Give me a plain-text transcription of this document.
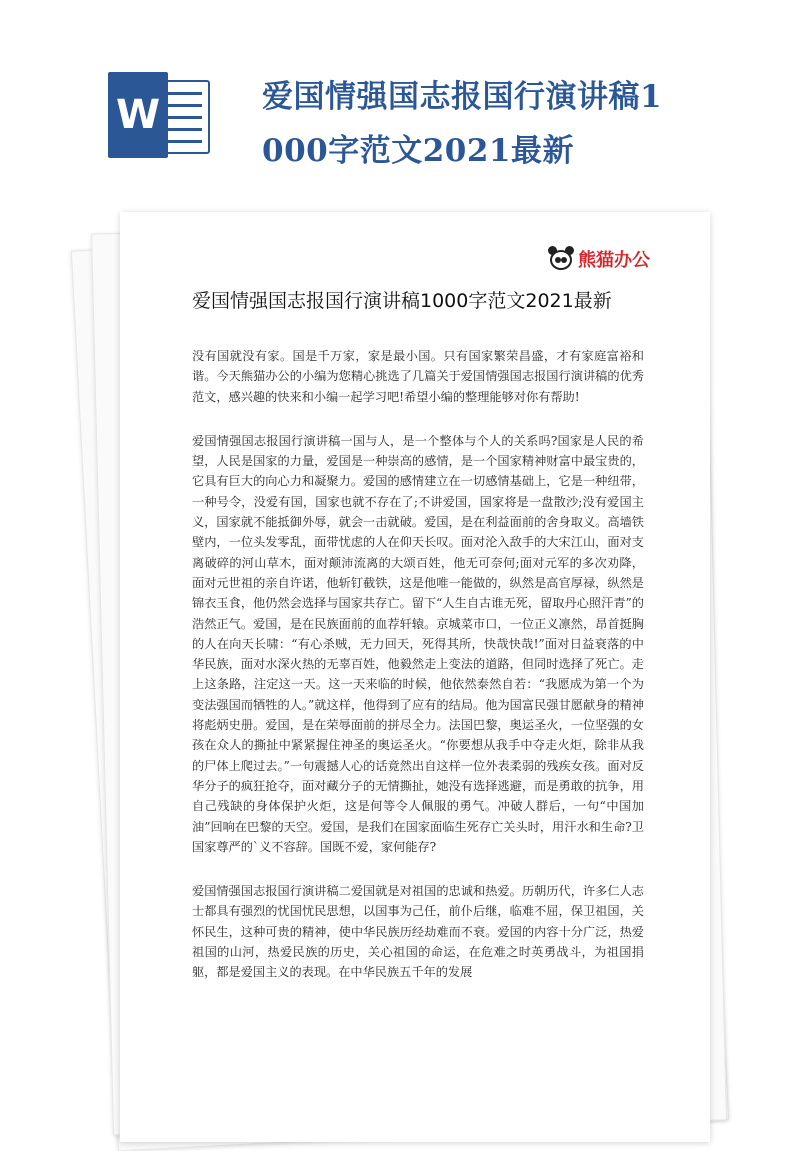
W	爱国情强国志报国行演讲稿1
000字范文2021最新
熊猫办公
爱国情强国志报国行演讲稿1000字范文2021最新

没有国就没有家。国是千万家，家是最小国。只有国家繁荣昌盛，才有家庭富裕和谐。今天熊猫办公的小编为您精心挑选了几篇关于爱国情强国志报国行演讲稿的优秀范文，感兴趣的快来和小编一起学习吧!希望小编的整理能够对你有帮助!

爱国情强国志报国行演讲稿一国与人，是一个整体与个人的关系吗?国家是人民的希望，人民是国家的力量，爱国是一种崇高的感情，是一个国家精神财富中最宝贵的，它具有巨大的向心力和凝聚力。爱国的感情建立在一切感情基础上，它是一种纽带，一种号令，没爱有国，国家也就不存在了;不讲爱国，国家将是一盘散沙;没有爱国主义，国家就不能抵御外辱，就会一击就破。爱国，是在利益面前的舍身取义。高墙铁壁内，一位头发零乱，面带忧虑的人在仰天长叹。面对沦入敌手的大宋江山，面对支离破碎的河山草木，面对颠沛流离的大颂百姓，他无可奈何;面对元军的多次劝降，面对元世祖的亲自许诺，他斩钉截铁，这是他唯一能做的，纵然是高官厚禄，纵然是锦衣玉食，他仍然会选择与国家共存亡。留下“人生自古谁无死，留取丹心照汗青”的浩然正气。爱国，是在民族面前的血荐轩辕。京城菜市口，一位正义凛然，昂首挺胸的人在向天长啸：“有心杀贼，无力回天，死得其所，快哉快哉!”面对日益衰落的中华民族，面对水深火热的无辜百姓，他毅然走上变法的道路，但同时选择了死亡。走上这条路，注定这一天。这一天来临的时候，他依然泰然自若：“我愿成为第一个为变法强国而牺牲的人。”就这样，他得到了应有的结局。他为国富民强甘愿献身的精神将彪炳史册。爱国，是在荣辱面前的拼尽全力。法国巴黎，奥运圣火，一位坚强的女孩在众人的撕扯中紧紧握住神圣的奥运圣火。“你要想从我手中夺走火炬，除非从我的尸体上爬过去。”一句震撼人心的话竟然出自这样一位外表柔弱的残疾女孩。面对反华分子的疯狂抢夺，面对藏分子的无情撕扯，她没有选择逃避，而是勇敢的抗争，用自己残缺的身体保护火炬，这是何等令人佩服的勇气。冲破人群后，一句“中国加油”回响在巴黎的天空。爱国，是我们在国家面临生死存亡关头时，用汗水和生命?卫国家尊严的`义不容辞。国既不爱，家何能存?

爱国情强国志报国行演讲稿二爱国就是对祖国的忠诚和热爱。历朝历代，许多仁人志士都具有强烈的忧国忧民思想，以国事为己任，前仆后继，临难不屈，保卫祖国，关怀民生，这种可贵的精神，使中华民族历经劫难而不衰。爱国的内容十分广泛，热爱祖国的山河，热爱民族的历史，关心祖国的命运，在危难之时英勇战斗，为祖国捐躯，都是爱国主义的表现。在中华民族五千年的发展
